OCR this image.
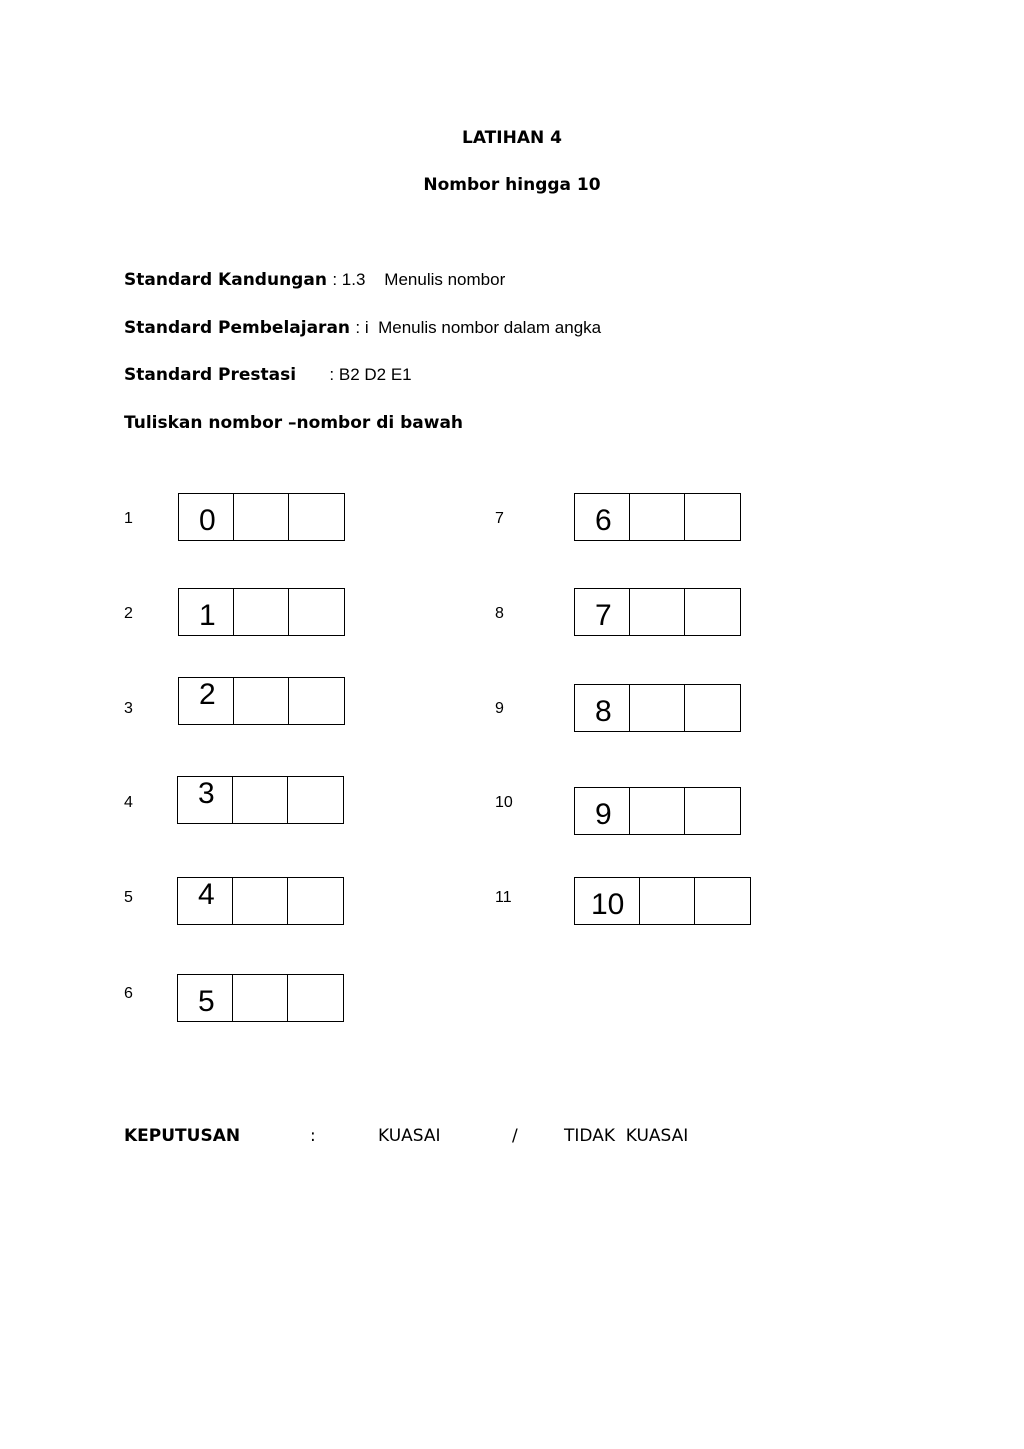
LATIHAN 4
Nombor hingga 10
Standard Kandungan : 1.3    Menulis nombor
Standard Pembelajaran : i  Menulis nombor dalam angka
Standard Prestasi : B2 D2 E1
Tuliskan nombor –nombor di bawah
1 0
2 1
3 2
4 3
5 4
6 5
7	6
8	7
9	8
10	9
11	10
KEPUTUSAN	:	KUASAI	/	TIDAK  KUASAI
